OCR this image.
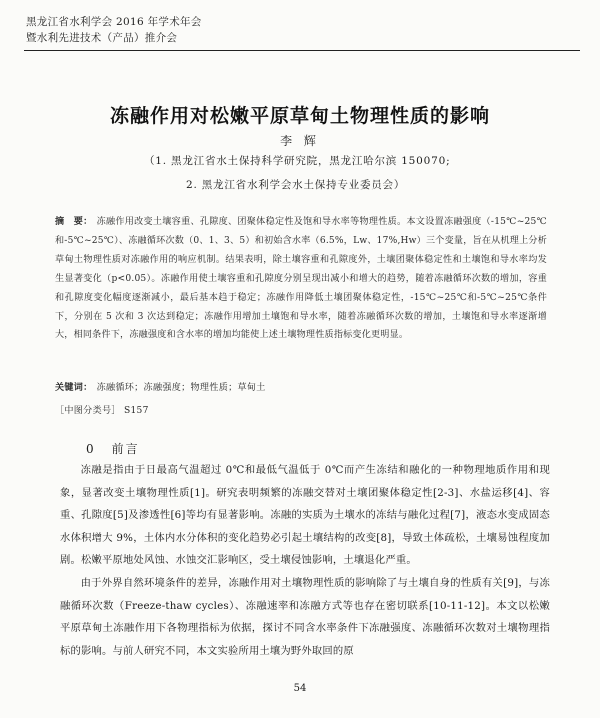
黑龙江省水利学会 2016 年学术年会
暨水利先进技术（产品）推介会
冻融作用对松嫩平原草甸土物理性质的影响
李 辉
（1. 黑龙江省水土保持科学研究院，黑龙江哈尔滨 150070;
2. 黑龙江省水利学会水土保持专业委员会）
摘　要： 冻融作用改变土壤容重、孔隙度、团聚体稳定性及饱和导水率等物理性质。本文设置冻融强度（-15℃~25℃和-5℃~25℃）、冻融循环次数（0、1、3、5）和初始含水率（6.5%，Lw、17%,Hw）三个变量，旨在从机理上分析草甸土物理性质对冻融作用的响应机制。结果表明，除土壤容重和孔隙度外，土壤团聚体稳定性和土壤饱和导水率均发生显著变化（p<0.05）。冻融作用使土壤容重和孔隙度分别呈现出减小和增大的趋势，随着冻融循环次数的增加，容重和孔隙度变化幅度逐渐减小，最后基本趋于稳定；冻融作用降低土壤团聚体稳定性，-15℃~25℃和-5℃~25℃条件下，分别在 5 次和 3 次达到稳定；冻融作用增加土壤饱和导水率，随着冻融循环次数的增加，土壤饱和导水率逐渐增大，相同条件下，冻融强度和含水率的增加均能使上述土壤物理性质指标变化更明显。
关键词： 冻融循环；冻融强度；物理性质；草甸土
［中图分类号］ S157
0 前言

冻融是指由于日最高气温超过 0℃和最低气温低于 0℃而产生冻结和融化的一种物理地质作用和现象，显著改变土壤物理性质[1]。研究表明频繁的冻融交替对土壤团聚体稳定性[2-3]、水盐运移[4]、容重、孔隙度[5]及渗透性[6]等均有显著影响。冻融的实质为土壤水的冻结与融化过程[7]，液态水变成固态水体积增大 9%，土体内水分体积的变化趋势必引起土壤结构的改变[8]，导致土体疏松，土壤易蚀程度加剧。松嫩平原地处风蚀、水蚀交汇影响区，受土壤侵蚀影响，土壤退化严重。

由于外界自然环境条件的差异，冻融作用对土壤物理性质的影响除了与土壤自身的性质有关[9]，与冻融循环次数（Freeze-thaw cycles）、冻融速率和冻融方式等也存在密切联系[10-11-12]。本文以松嫩平原草甸土冻融作用下各物理指标为依据，探讨不同含水率条件下冻融强度、冻融循环次数对土壤物理指标的影响。与前人研究不同，本文实验所用土壤为野外取回的原

54
